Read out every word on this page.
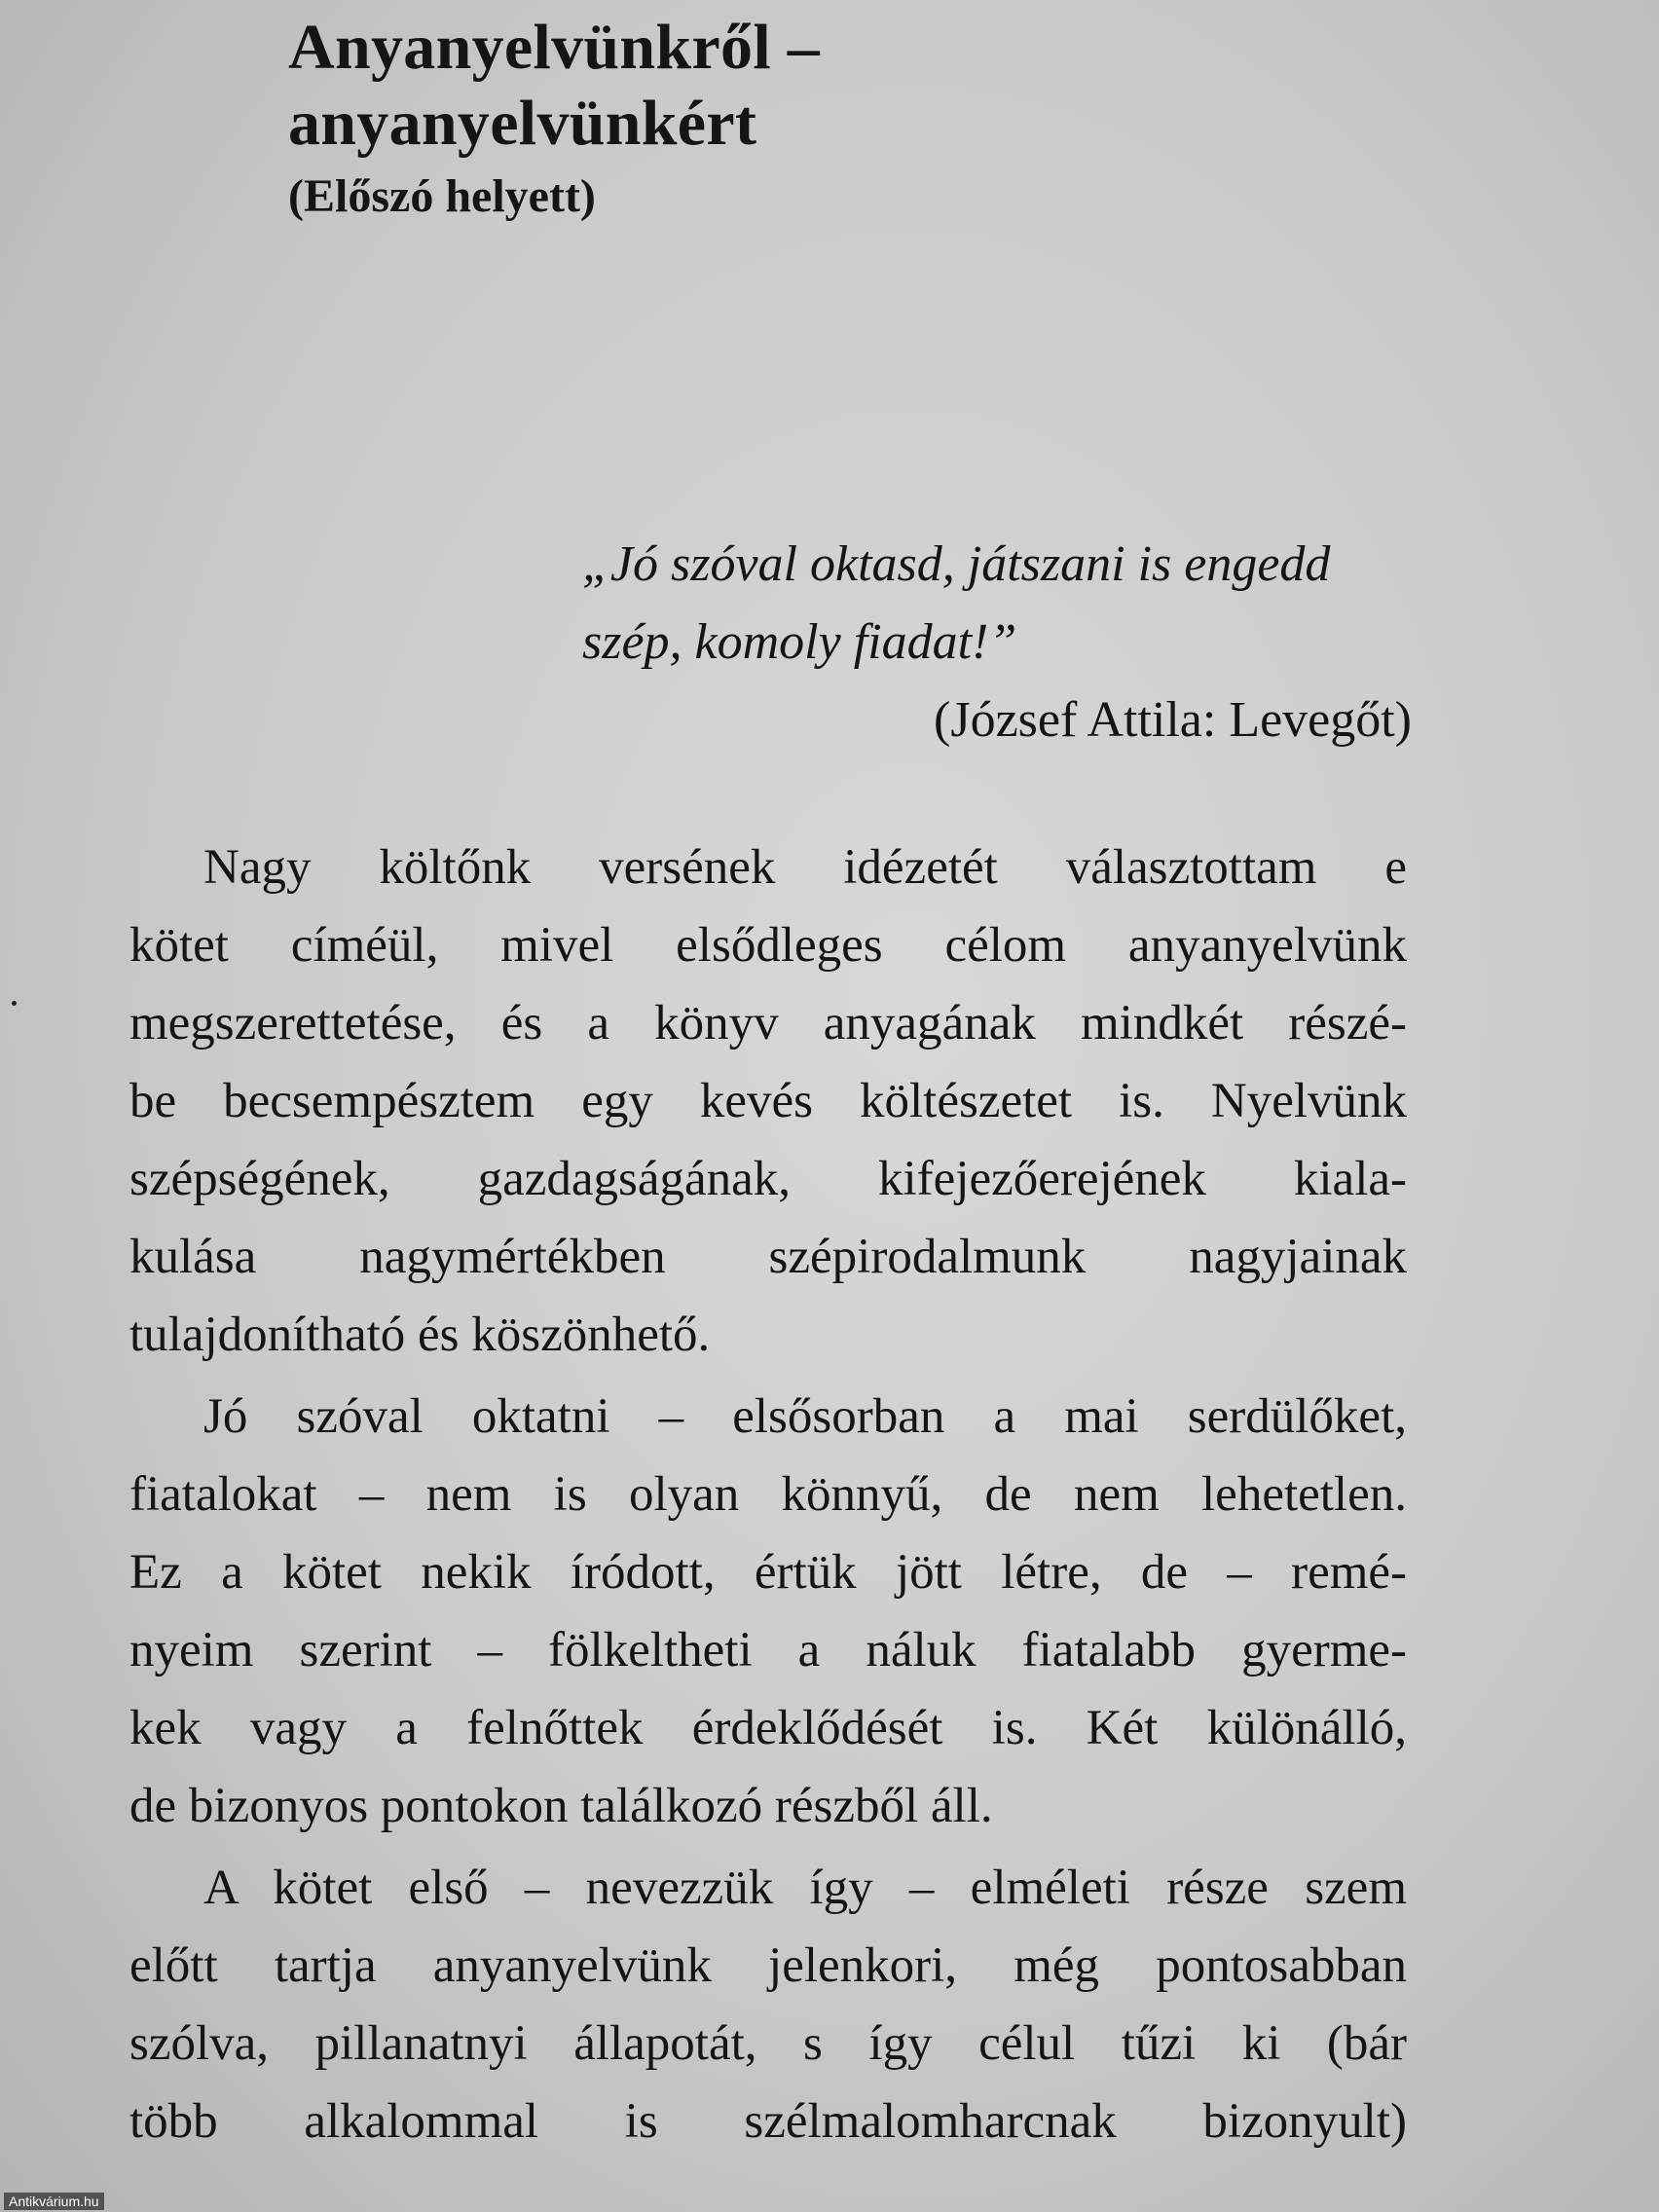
Anyanyelvünkről –
anyanyelvünkért
(Előszó helyett)
„Jó szóval oktasd, játszani is engedd
szép, komoly fiadat!”
(József Attila: Levegőt)
Nagy költőnk versének idézetét választottam e
kötet címéül, mivel elsődleges célom anyanyelvünk
megszerettetése, és a könyv anyagának mindkét részé-
be becsempésztem egy kevés költészetet is. Nyelvünk
szépségének, gazdagságának, kifejezőerejének kiala-
kulása nagymértékben szépirodalmunk nagyjainak
tulajdonítható és köszönhető.
Jó szóval oktatni – elsősorban a mai serdülőket,
fiatalokat – nem is olyan könnyű, de nem lehetetlen.
Ez a kötet nekik íródott, értük jött létre, de – remé-
nyeim szerint – fölkeltheti a náluk fiatalabb gyerme-
kek vagy a felnőttek érdeklődését is. Két különálló,
de bizonyos pontokon találkozó részből áll.
A kötet első – nevezzük így – elméleti része szem
előtt tartja anyanyelvünk jelenkori, még pontosabban
szólva, pillanatnyi állapotát, s így célul tűzi ki (bár
több alkalommal is szélmalomharcnak bizonyult)
Antikvárium.hu
